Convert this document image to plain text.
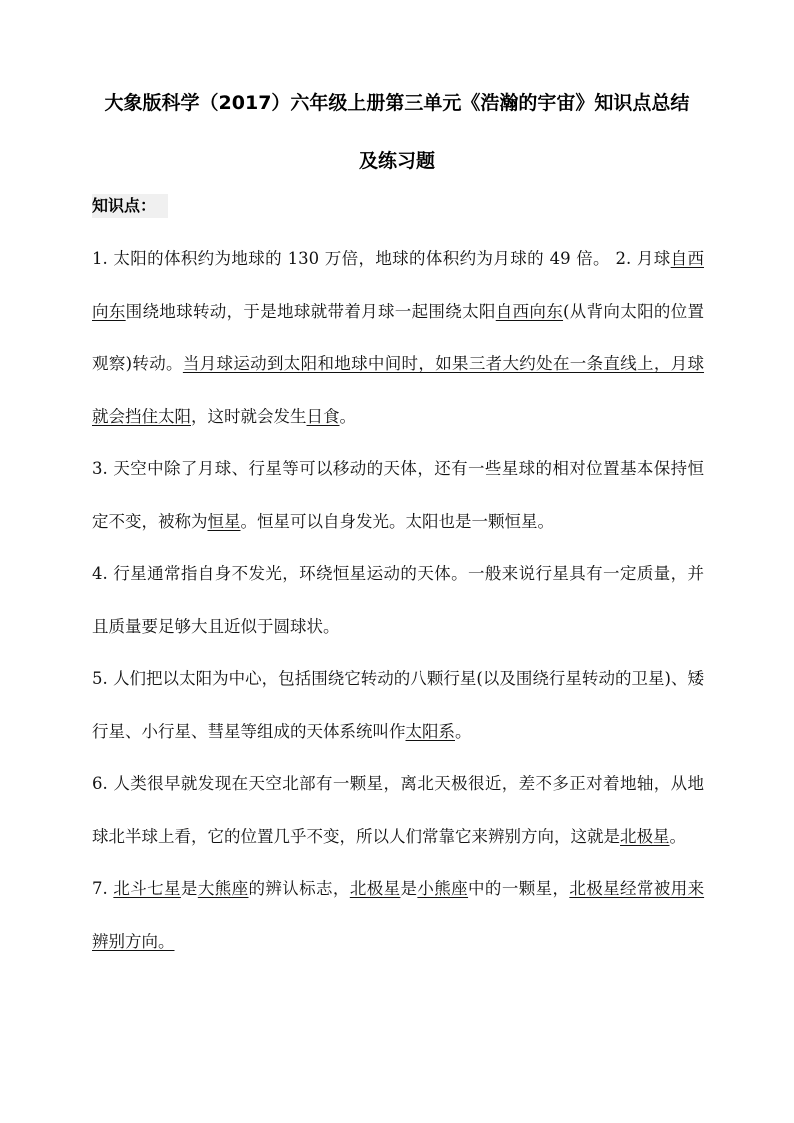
大象版科学（2017）六年级上册第三单元《浩瀚的宇宙》知识点总结
及练习题
知识点：

1. 太阳的体积约为地球的 130 万倍，地球的体积约为月球的 49 倍。 2. 月球自西向东围绕地球转动，于是地球就带着月球一起围绕太阳自西向东(从背向太阳的位置观察)转动。当月球运动到太阳和地球中间时，如果三者大约处在一条直线上，月球就会挡住太阳，这时就会发生日食。

3. 天空中除了月球、行星等可以移动的天体，还有一些星球的相对位置基本保持恒定不变，被称为恒星。恒星可以自身发光。太阳也是一颗恒星。

4. 行星通常指自身不发光，环绕恒星运动的天体。一般来说行星具有一定质量，并且质量要足够大且近似于圆球状。

5. 人们把以太阳为中心，包括围绕它转动的八颗行星(以及围绕行星转动的卫星)、矮行星、小行星、彗星等组成的天体系统叫作太阳系。

6. 人类很早就发现在天空北部有一颗星，离北天极很近，差不多正对着地轴，从地球北半球上看，它的位置几乎不变，所以人们常靠它来辨别方向，这就是北极星。

7. 北斗七星是大熊座的辨认标志，北极星是小熊座中的一颗星，北极星经常被用来辨别方向。
